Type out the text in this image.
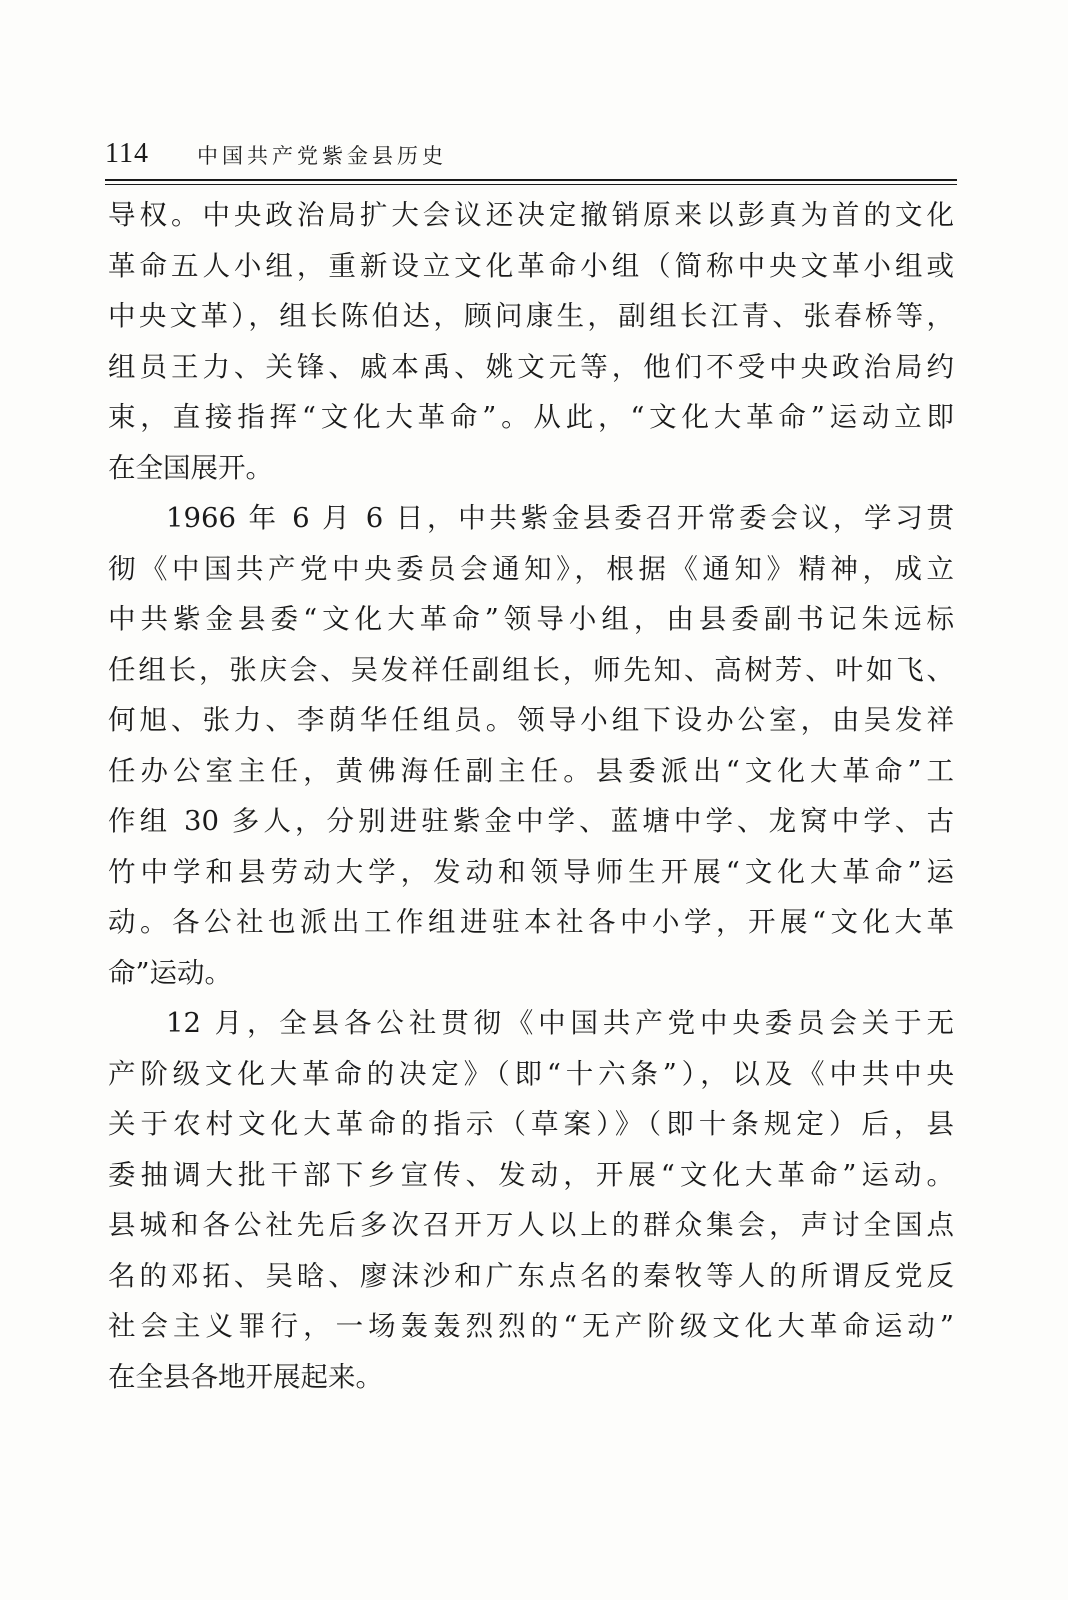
114 中国共产党紫金县历史
导权。中央政治局扩大会议还决定撤销原来以彭真为首的文化
革命五人小组，重新设立文化革命小组（简称中央文革小组或
中央文革），组长陈伯达，顾问康生，副组长江青、张春桥等，
组员王力、关锋、戚本禹、姚文元等，他们不受中央政治局约
束，直接指挥“文化大革命”。从此，“文化大革命”运动立即
在全国展开。
1966 年 6 月 6 日，中共紫金县委召开常委会议，学习贯
彻《中国共产党中央委员会通知》，根据《通知》精神，成立
中共紫金县委“文化大革命”领导小组，由县委副书记朱远标
任组长，张庆会、吴发祥任副组长，师先知、高树芳、叶如飞、
何旭、张力、李荫华任组员。领导小组下设办公室，由吴发祥
任办公室主任，黄佛海任副主任。县委派出“文化大革命”工
作组 30 多人，分别进驻紫金中学、蓝塘中学、龙窝中学、古
竹中学和县劳动大学，发动和领导师生开展“文化大革命”运
动。各公社也派出工作组进驻本社各中小学，开展“文化大革
命”运动。
12 月，全县各公社贯彻《中国共产党中央委员会关于无
产阶级文化大革命的决定》（即“十六条”），以及《中共中央
关于农村文化大革命的指示（草案）》（即十条规定）后，县
委抽调大批干部下乡宣传、发动，开展“文化大革命”运动。
县城和各公社先后多次召开万人以上的群众集会，声讨全国点
名的邓拓、吴晗、廖沫沙和广东点名的秦牧等人的所谓反党反
社会主义罪行，一场轰轰烈烈的“无产阶级文化大革命运动”
在全县各地开展起来。
